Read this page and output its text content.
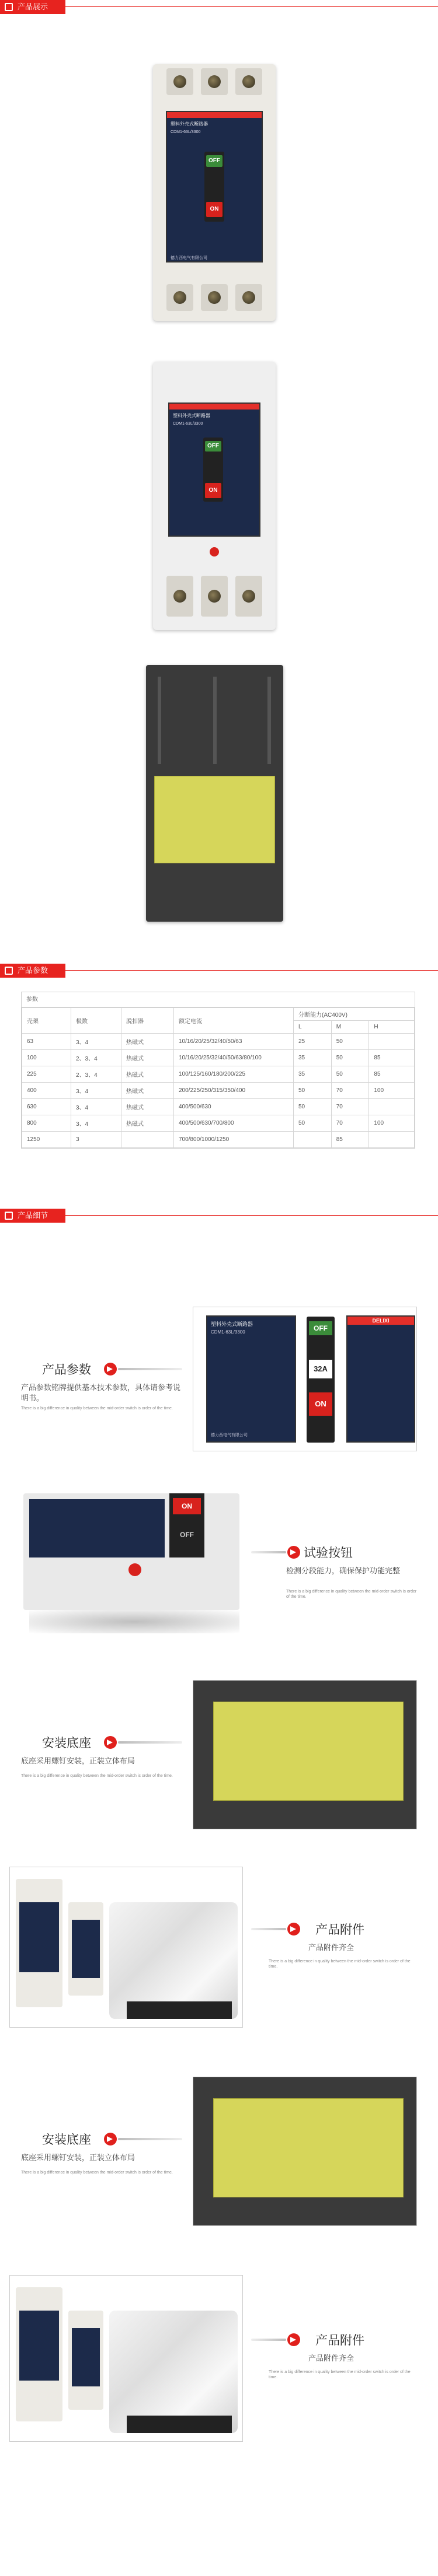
产品展示
塑料外壳式断路器
CDM1-63L/3300
德力西电气有限公司
OFF
ON
塑料外壳式断路器
CDM1-63L/3300
OFF
ON
产品参数
参数
壳架	极数	脱扣器	额定电流	分断能力(AC400V)		
				L	M	H
63	3、4	热磁式	10/16/20/25/32/40/50/63	25	50	
100	2、3、4	热磁式	10/16/20/25/32/40/50/63/80/100	35	50	85
225	2、3、4	热磁式	100/125/160/180/200/225	35	50	85
400	3、4	热磁式	200/225/250/315/350/400	50	70	100
630	3、4	热磁式	400/500/630	50	70	
800	3、4	热磁式	400/500/630/700/800	50	70	100
1250	3		700/800/1000/1250		85	
产品细节
产品参数
产品参数铭牌提供基本技术参数，具体请参考说明书。
There is a big difference in quality between the mid-order switch is order of the time.
塑料外壳式断路器
CDM1-63L/3300
德力西电气有限公司
OFF
32A
ON
DELIXI
ON
OFF
试验按钮
检测分段能力，确保保护功能完整
There is a big difference in quality between the mid-order switch is order of the time.
安装底座
底座采用螺钉安装，正装立体布局
There is a big difference in quality between the mid-order switch is order of the time.
产品附件
产品附件齐全
There is a big difference in quality between the mid-order switch is order of the time.
安装底座
底座采用螺钉安装，正装立体布局
There is a big difference in quality between the mid-order switch is order of the time.
产品附件
产品附件齐全
There is a big difference in quality between the mid-order switch is order of the time.
